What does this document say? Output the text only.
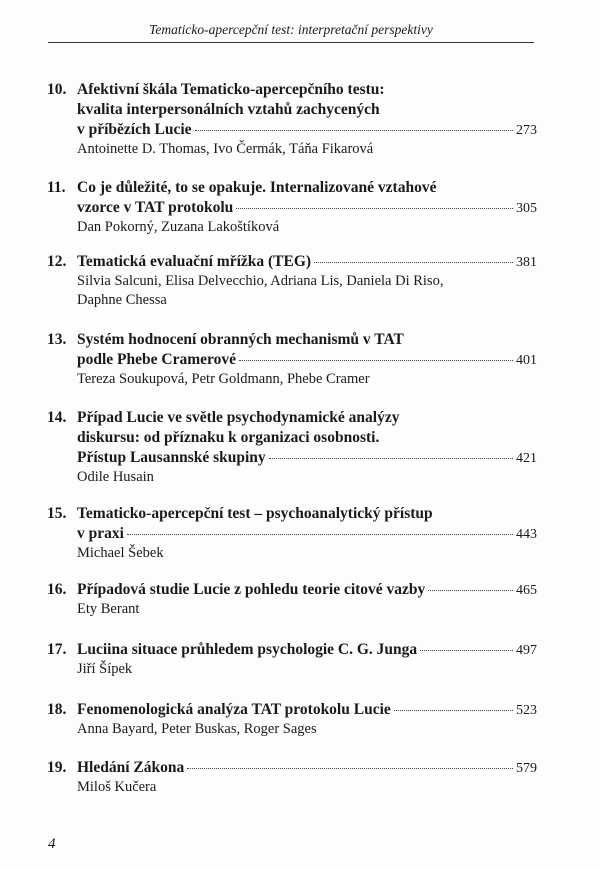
Tematicko-apercepční test: interpretační perspektivy
10. Afektivní škála Tematicko-apercepčního testu:
kvalita interpersonálních vztahů zachycených
v příbězích Lucie	273
Antoinette D. Thomas, Ivo Čermák, Táňa Fikarová
11. Co je důležité, to se opakuje. Internalizované vztahové
vzorce v TAT protokolu	305
Dan Pokorný, Zuzana Lakoštíková
12. Tematická evaluační mřížka (TEG)	381
Silvia Salcuni, Elisa Delvecchio, Adriana Lis, Daniela Di Riso,
Daphne Chessa
13. Systém hodnocení obranných mechanismů v TAT
podle Phebe Cramerové	401
Tereza Soukupová, Petr Goldmann, Phebe Cramer
14. Případ Lucie ve světle psychodynamické analýzy
diskursu: od příznaku k organizaci osobnosti.
Přístup Lausannské skupiny	421
Odile Husain
15. Tematicko-apercepční test – psychoanalytický přístup
v praxi	443
Michael Šebek
16. Případová studie Lucie z pohledu teorie citové vazby	465
Ety Berant
17. Luciina situace průhledem psychologie C. G. Junga	497
Jiří Šípek
18. Fenomenologická analýza TAT protokolu Lucie	523
Anna Bayard, Peter Buskas, Roger Sages
19. Hledání Zákona	579
Miloš Kučera
4
